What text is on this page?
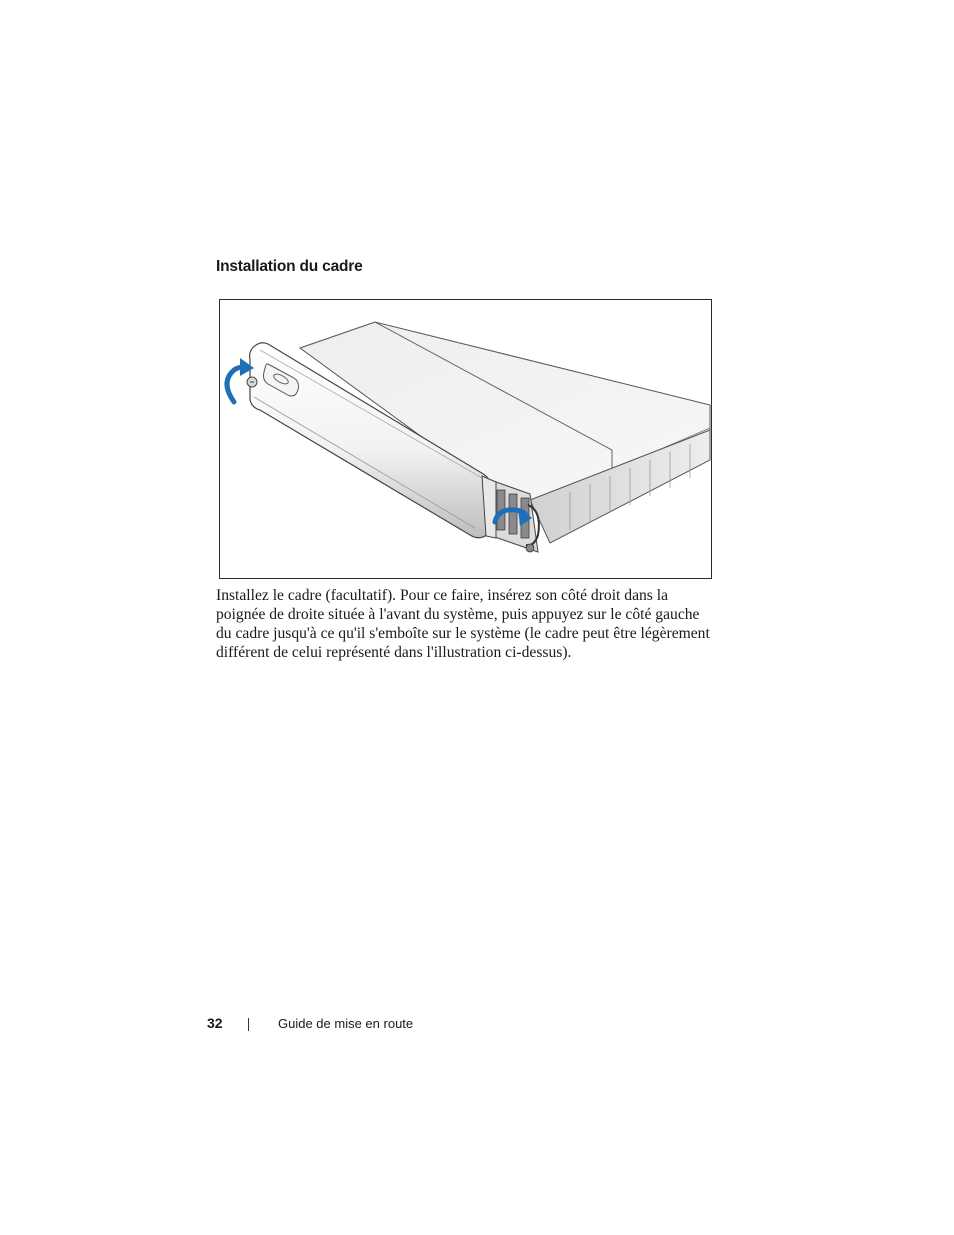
Installation du cadre

Installez le cadre (facultatif). Pour ce faire, insérez son côté droit dans la poignée de droite située à l'avant du système, puis appuyez sur le côté gauche du cadre jusqu'à ce qu'il s'emboîte sur le système (le cadre peut être légèrement différent de celui représenté dans l'illustration ci-dessus).

32	Guide de mise en route
